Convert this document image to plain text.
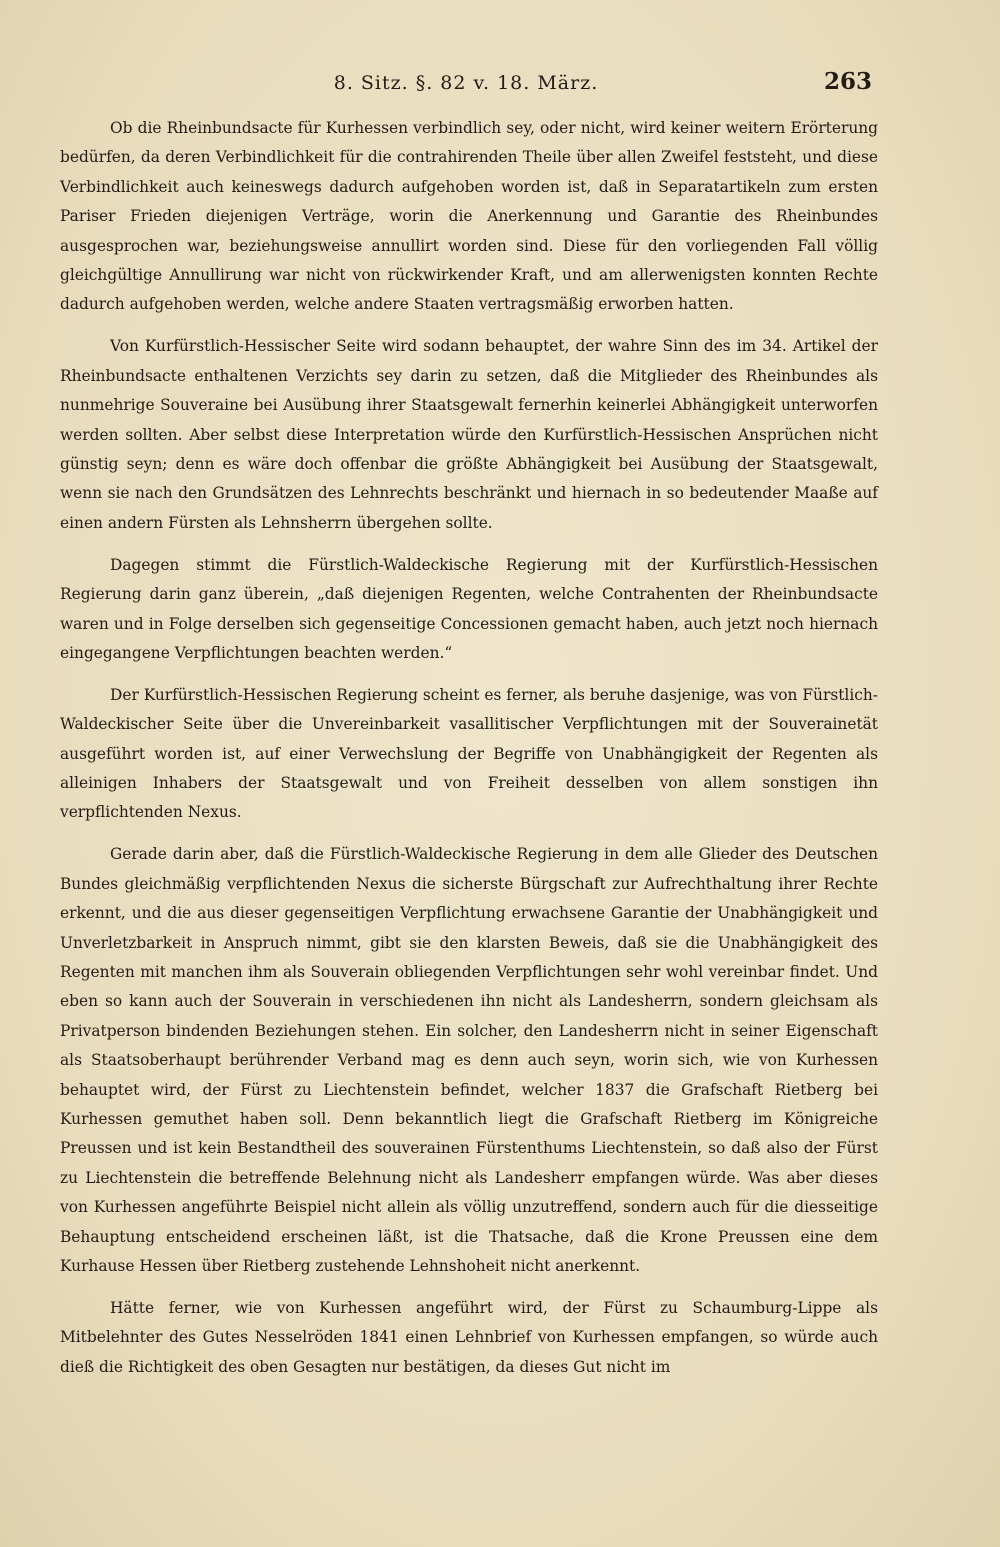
8. Sitz. §. 82 v. 18. März.	263

Ob die Rheinbundsacte für Kurhessen verbindlich sey, oder nicht, wird keiner weitern Erörterung bedürfen, da deren Verbindlichkeit für die contrahirenden Theile über allen Zweifel feststeht, und diese Verbindlichkeit auch keineswegs dadurch aufgehoben worden ist, daß in Separatartikeln zum ersten Pariser Frieden diejenigen Verträge, worin die Anerkennung und Garantie des Rheinbundes ausgesprochen war, beziehungsweise annullirt worden sind. Diese für den vorliegenden Fall völlig gleichgültige Annullirung war nicht von rückwirkender Kraft, und am allerwenigsten konnten Rechte dadurch aufgehoben werden, welche andere Staaten vertragsmäßig erworben hatten.

Von Kurfürstlich-Hessischer Seite wird sodann behauptet, der wahre Sinn des im 34. Artikel der Rheinbundsacte enthaltenen Verzichts sey darin zu setzen, daß die Mitglieder des Rheinbundes als nunmehrige Souveraine bei Ausübung ihrer Staatsgewalt fernerhin keinerlei Abhängigkeit unterworfen werden sollten. Aber selbst diese Interpretation würde den Kurfürstlich-Hessischen Ansprüchen nicht günstig seyn; denn es wäre doch offenbar die größte Abhängigkeit bei Ausübung der Staatsgewalt, wenn sie nach den Grundsätzen des Lehnrechts beschränkt und hiernach in so bedeutender Maaße auf einen andern Fürsten als Lehnsherrn übergehen sollte.

Dagegen stimmt die Fürstlich-Waldeckische Regierung mit der Kurfürstlich-Hessischen Regierung darin ganz überein, „daß diejenigen Regenten, welche Contrahenten der Rheinbundsacte waren und in Folge derselben sich gegenseitige Concessionen gemacht haben, auch jetzt noch hiernach eingegangene Verpflichtungen beachten werden.“

Der Kurfürstlich-Hessischen Regierung scheint es ferner, als beruhe dasjenige, was von Fürstlich-Waldeckischer Seite über die Unvereinbarkeit vasallitischer Verpflichtungen mit der Souverainetät ausgeführt worden ist, auf einer Verwechslung der Begriffe von Unabhängigkeit der Regenten als alleinigen Inhabers der Staatsgewalt und von Freiheit desselben von allem sonstigen ihn verpflichtenden Nexus.

Gerade darin aber, daß die Fürstlich-Waldeckische Regierung in dem alle Glieder des Deutschen Bundes gleichmäßig verpflichtenden Nexus die sicherste Bürgschaft zur Aufrechthaltung ihrer Rechte erkennt, und die aus dieser gegenseitigen Verpflichtung erwachsene Garantie der Unabhängigkeit und Unverletzbarkeit in Anspruch nimmt, gibt sie den klarsten Beweis, daß sie die Unabhängigkeit des Regenten mit manchen ihm als Souverain obliegenden Verpflichtungen sehr wohl vereinbar findet. Und eben so kann auch der Souverain in verschiedenen ihn nicht als Landesherrn, sondern gleichsam als Privatperson bindenden Beziehungen stehen. Ein solcher, den Landesherrn nicht in seiner Eigenschaft als Staatsoberhaupt berührender Verband mag es denn auch seyn, worin sich, wie von Kurhessen behauptet wird, der Fürst zu Liechtenstein befindet, welcher 1837 die Grafschaft Rietberg bei Kurhessen gemuthet haben soll. Denn bekanntlich liegt die Grafschaft Rietberg im Königreiche Preussen und ist kein Bestandtheil des souverainen Fürstenthums Liechtenstein, so daß also der Fürst zu Liechtenstein die betreffende Belehnung nicht als Landesherr empfangen würde. Was aber dieses von Kurhessen angeführte Beispiel nicht allein als völlig unzutreffend, sondern auch für die diesseitige Behauptung entscheidend erscheinen läßt, ist die Thatsache, daß die Krone Preussen eine dem Kurhause Hessen über Rietberg zustehende Lehnshoheit nicht anerkennt.

Hätte ferner, wie von Kurhessen angeführt wird, der Fürst zu Schaumburg-Lippe als Mitbelehnter des Gutes Nesselröden 1841 einen Lehnbrief von Kurhessen empfangen, so würde auch dieß die Richtigkeit des oben Gesagten nur bestätigen, da dieses Gut nicht im
